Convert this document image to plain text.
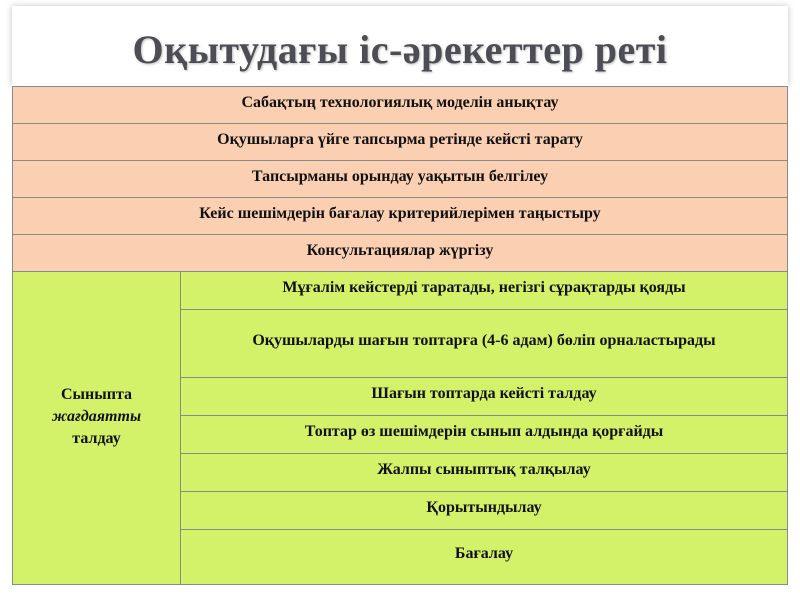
Оқытудағы іс-әрекеттер реті
Сабақтың технологиялық моделін анықтау
Оқушыларға үйге тапсырма ретінде кейсті тарату
Тапсырманы орындау уақытын белгілеу
Кейс шешімдерін бағалау критерийлерімен таңыстыру
Консультациялар жүргізу
Сыныпта
жағдаятты
талдау
Мұғалім кейстерді таратады, негізгі сұрақтарды қояды
Оқушыларды шағын топтарға (4-6 адам) бөліп орналастырады
Шағын топтарда кейсті талдау
Топтар өз шешімдерін сынып алдында қорғайды
Жалпы сыныптық талқылау
Қорытындылау
Бағалау
